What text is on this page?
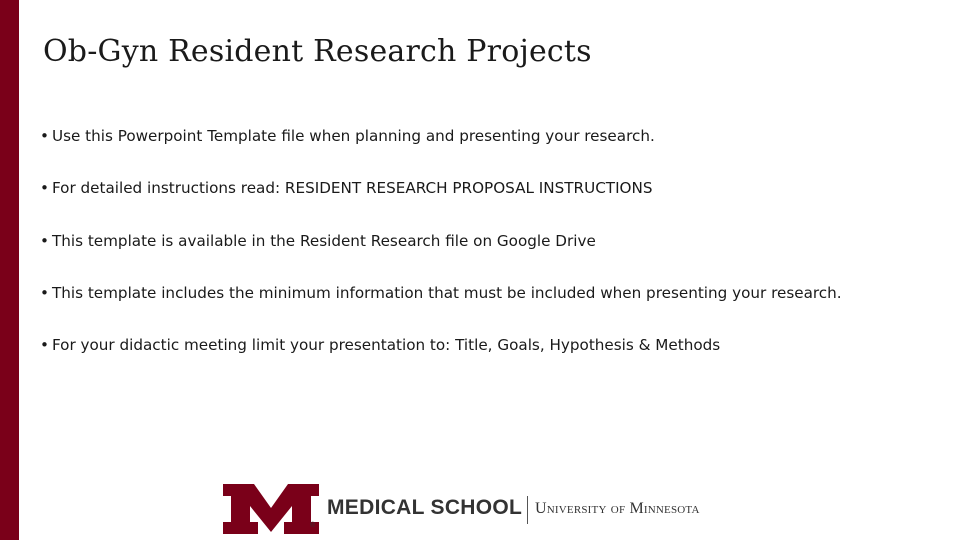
Ob-Gyn Resident Research Projects
• Use this Powerpoint Template file when planning and presenting your research.
• For detailed instructions read: RESIDENT RESEARCH PROPOSAL INSTRUCTIONS
• This template is available in the Resident Research file on Google Drive
• This template includes the minimum information that must be included when presenting your research.
• For your didactic meeting limit your presentation to: Title, Goals, Hypothesis & Methods
®
MEDICAL SCHOOL University of Minnesota
